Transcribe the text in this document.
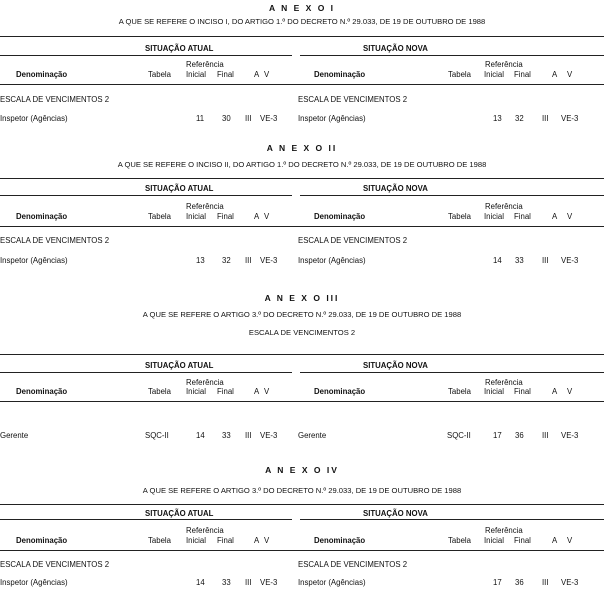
A N E X O I
A QUE SE REFERE O INCISO I, DO ARTIGO 1.º DO DECRETO N.º 29.033, DE 19 DE OUTUBRO DE 1988
SITUAÇÃO ATUAL	SITUAÇÃO NOVA
Referência
Denominação	Tabela Inicial Final	A V
Referência
Denominação	Tabela Inicial Final	A V
ESCALA DE VENCIMENTOS 2	ESCALA DE VENCIMENTOS 2
Inspetor (Agências)	11 30 III VE-3	Inspetor (Agências)	13 32 III VE-3
A N E X O II
A QUE SE REFERE O INCISO II, DO ARTIGO 1.º DO DECRETO N.º 29.033, DE 19 DE OUTUBRO DE 1988
SITUAÇÃO ATUAL	SITUAÇÃO NOVA
Referência
Denominação	Tabela Inicial Final	A V
Referência
Denominação	Tabela Inicial Final	A V
ESCALA DE VENCIMENTOS 2	ESCALA DE VENCIMENTOS 2
Inspetor (Agências)	13 32 III VE-3	Inspetor (Agências)	14 33 III VE-3
A N E X O III
A QUE SE REFERE O ARTIGO 3.º DO DECRETO N.º 29.033, DE 19 DE OUTUBRO DE 1988
ESCALA DE VENCIMENTOS 2
SITUAÇÃO ATUAL	SITUAÇÃO NOVA
Referência
Denominação	Tabela Inicial Final	A V
Referência
Denominação	Tabela Inicial Final	A V
Gerente	SQC-II	14 33 III VE-3	Gerente	SQC-II	17 36 III VE-3
A N E X O IV
A QUE SE REFERE O ARTIGO 3.º DO DECRETO N.º 29.033, DE 19 DE OUTUBRO DE 1988
SITUAÇÃO ATUAL	SITUAÇÃO NOVA
Referência
Denominação	Tabela Inicial Final	A V
Referência
Denominação	Tabela Inicial Final	A V
ESCALA DE VENCIMENTOS 2	ESCALA DE VENCIMENTOS 2
Inspetor (Agências)	14 33 III VE-3	Inspetor (Agências)	17 36 III VE-3
